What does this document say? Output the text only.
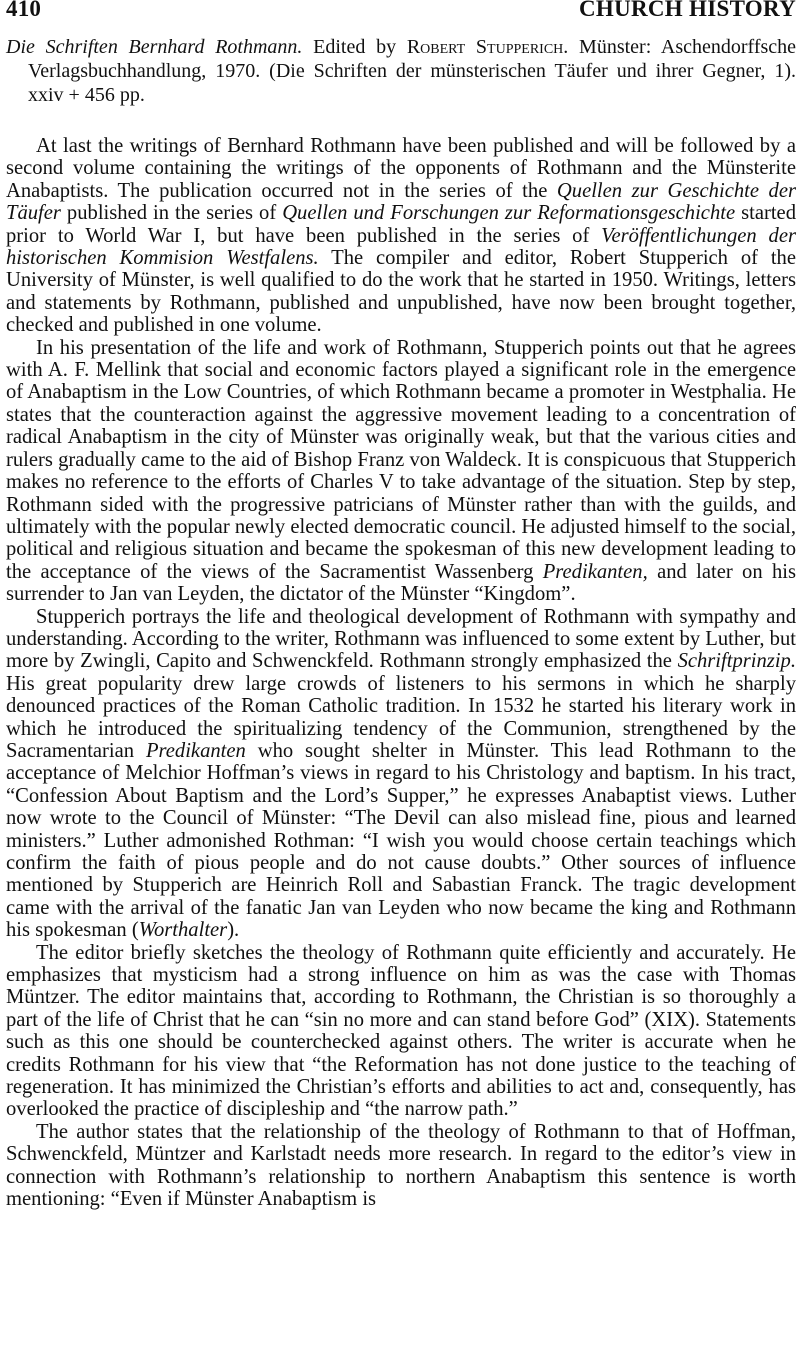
410	CHURCH HISTORY
Die Schriften Bernhard Rothmann. Edited by Robert Stupperich. Münster: Aschendorffsche Verlagsbuchhandlung, 1970. (Die Schriften der münsterischen Täufer und ihrer Gegner, 1). xxiv + 456 pp.

At last the writings of Bernhard Rothmann have been published and will be followed by a second volume containing the writings of the opponents of Rothmann and the Münsterite Anabaptists. The publication occurred not in the series of the Quellen zur Geschichte der Täufer published in the series of Quellen und Forschungen zur Reformationsgeschichte started prior to World War I, but have been published in the series of Veröffentlichungen der historischen Kommision Westfalens. The compiler and editor, Robert Stupperich of the University of Münster, is well qualified to do the work that he started in 1950. Writings, letters and statements by Rothmann, published and unpublished, have now been brought together, checked and published in one volume.

In his presentation of the life and work of Rothmann, Stupperich points out that he agrees with A. F. Mellink that social and economic factors played a significant role in the emergence of Anabaptism in the Low Countries, of which Rothmann became a promoter in Westphalia. He states that the counteraction against the aggressive movement leading to a concentration of radical Anabaptism in the city of Münster was originally weak, but that the various cities and rulers gradually came to the aid of Bishop Franz von Waldeck. It is conspicuous that Stupperich makes no reference to the efforts of Charles V to take advantage of the situation. Step by step, Rothmann sided with the progressive patricians of Münster rather than with the guilds, and ultimately with the popular newly elected democratic council. He adjusted himself to the social, political and religious situation and became the spokesman of this new development leading to the acceptance of the views of the Sacramentist Wassenberg Predikanten, and later on his surrender to Jan van Leyden, the dictator of the Münster “Kingdom”.

Stupperich portrays the life and theological development of Rothmann with sympathy and understanding. According to the writer, Rothmann was influenced to some extent by Luther, but more by Zwingli, Capito and Schwenckfeld. Rothmann strongly emphasized the Schriftprinzip. His great popularity drew large crowds of listeners to his sermons in which he sharply denounced practices of the Roman Catholic tradition. In 1532 he started his literary work in which he introduced the spiritualizing tendency of the Communion, strengthened by the Sacramentarian Predikanten who sought shelter in Münster. This lead Rothmann to the acceptance of Melchior Hoffman’s views in regard to his Christology and baptism. In his tract, “Confession About Baptism and the Lord’s Supper,” he expresses Anabaptist views. Luther now wrote to the Council of Münster: “The Devil can also mislead fine, pious and learned ministers.” Luther admonished Rothman: “I wish you would choose certain teachings which confirm the faith of pious people and do not cause doubts.” Other sources of influence mentioned by Stupperich are Heinrich Roll and Sabastian Franck. The tragic development came with the arrival of the fanatic Jan van Leyden who now became the king and Rothmann his spokesman (Worthalter).

The editor briefly sketches the theology of Rothmann quite efficiently and accurately. He emphasizes that mysticism had a strong influence on him as was the case with Thomas Müntzer. The editor maintains that, according to Rothmann, the Christian is so thoroughly a part of the life of Christ that he can “sin no more and can stand before God” (XIX). Statements such as this one should be counterchecked against others. The writer is accurate when he credits Rothmann for his view that “the Reformation has not done justice to the teaching of regeneration. It has minimized the Christian’s efforts and abilities to act and, consequently, has overlooked the practice of discipleship and “the narrow path.”

The author states that the relationship of the theology of Rothmann to that of Hoffman, Schwenckfeld, Müntzer and Karlstadt needs more research. In regard to the editor’s view in connection with Rothmann’s relationship to northern Anabaptism this sentence is worth mentioning: “Even if Münster Anabaptism is
